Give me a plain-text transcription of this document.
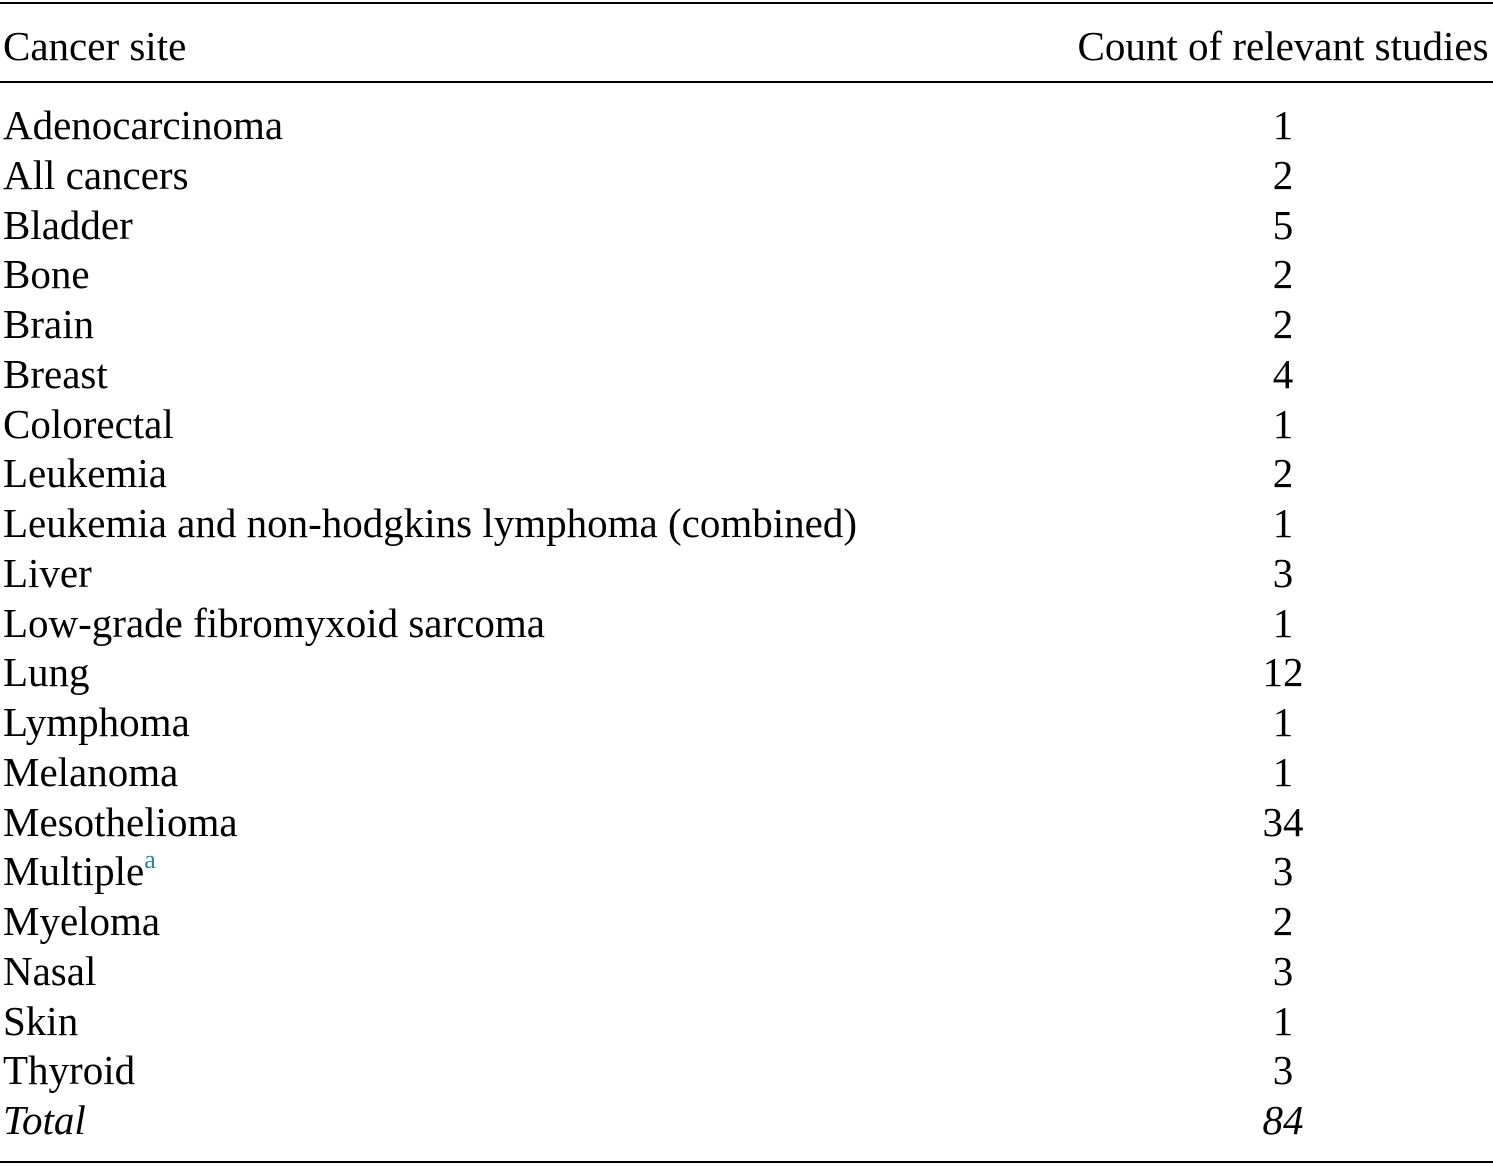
Cancer site	Count of relevant studies
Adenocarcinoma	1
All cancers	2
Bladder	5
Bone	2
Brain	2
Breast	4
Colorectal	1
Leukemia	2
Leukemia and non-hodgkins lymphoma (combined)	1
Liver	3
Low-grade fibromyxoid sarcoma	1
Lung	12
Lymphoma	1
Melanoma	1
Mesothelioma	34
Multiple$^a$	3
Myeloma	2
Nasal	3
Skin	1
Thyroid	3
Total	84
